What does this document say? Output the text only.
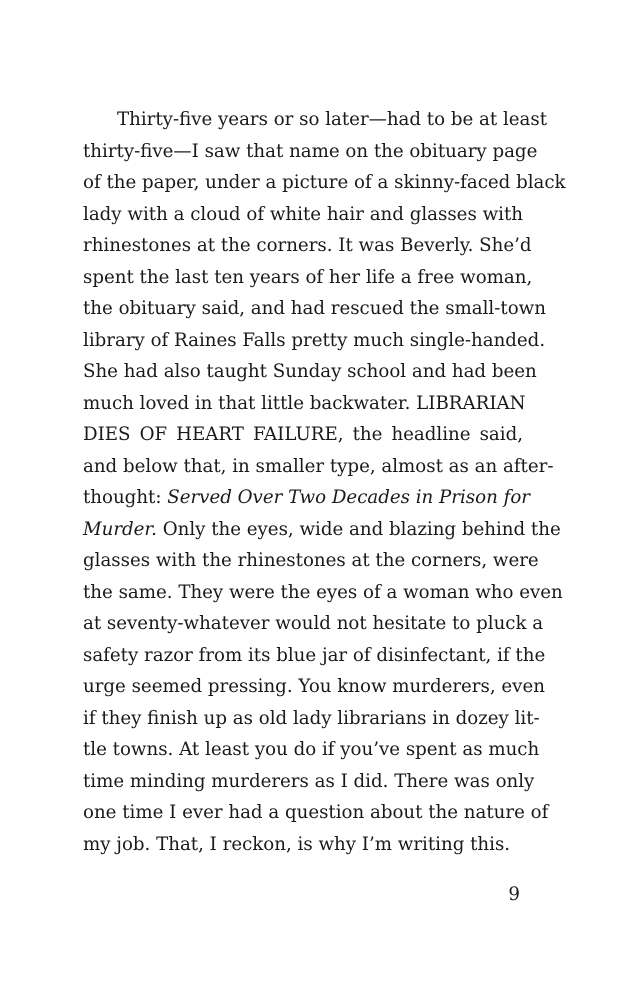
Thirty-five years or so later—had to be at least
thirty-five—I saw that name on the obituary page
of the paper, under a picture of a skinny-faced black
lady with a cloud of white hair and glasses with
rhinestones at the corners. It was Beverly. She’d
spent the last ten years of her life a free woman,
the obituary said, and had rescued the small-town
library of Raines Falls pretty much single-handed.
She had also taught Sunday school and had been
much loved in that little backwater. LIBRARIAN
DIES OF HEART FAILURE, the headline said,
and below that, in smaller type, almost as an after-
thought: Served Over Two Decades in Prison for
Murder. Only the eyes, wide and blazing behind the
glasses with the rhinestones at the corners, were
the same. They were the eyes of a woman who even
at seventy-whatever would not hesitate to pluck a
safety razor from its blue jar of disinfectant, if the
urge seemed pressing. You know murderers, even
if they finish up as old lady librarians in dozey lit-
tle towns. At least you do if you’ve spent as much
time minding murderers as I did. There was only
one time I ever had a question about the nature of
my job. That, I reckon, is why I’m writing this.

9
